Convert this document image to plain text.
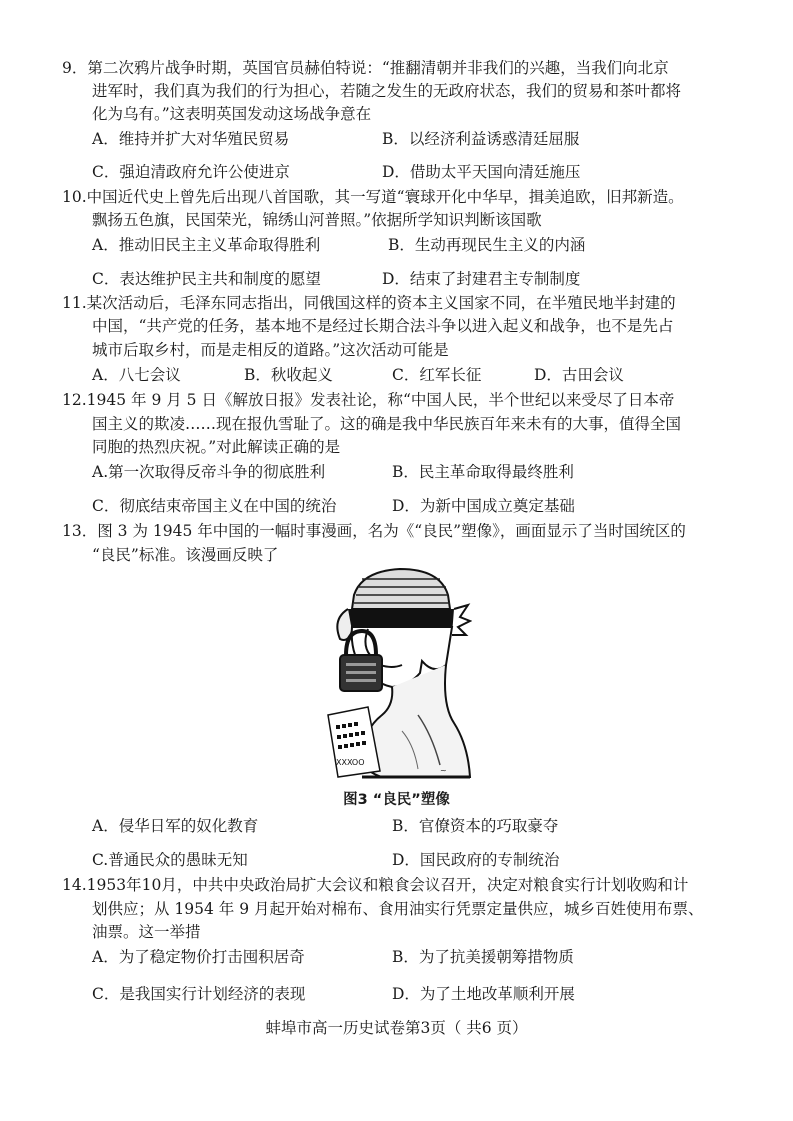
9．第二次鸦片战争时期，英国官员赫伯特说：“推翻清朝并非我们的兴趣，当我们向北京
进军时，我们真为我们的行为担心，若随之发生的无政府状态，我们的贸易和茶叶都将
化为乌有。”这表明英国发动这场战争意在
A．维持并扩大对华殖民贸易	B．以经济利益诱惑清廷屈服
C．强迫清政府允许公使进京	D．借助太平天国向清廷施压
10.中国近代史上曾先后出现八首国歌，其一写道“寰球开化中华早，揖美追欧，旧邦新造。
飘扬五色旗，民国荣光，锦绣山河普照。”依据所学知识判断该国歌
A．推动旧民主主义革命取得胜利	B．生动再现民生主义的内涵
C．表达维护民主共和制度的愿望	D．结束了封建君主专制制度
11.某次活动后，毛泽东同志指出，同俄国这样的资本主义国家不同，在半殖民地半封建的
中国，“共产党的任务，基本地不是经过长期合法斗争以进入起义和战争，也不是先占
城市后取乡村，而是走相反的道路。”这次活动可能是
A．八七会议	B．秋收起义	C．红军长征	D．古田会议
12.1945 年 9 月 5 日《解放日报》发表社论，称“中国人民，半个世纪以来受尽了日本帝
国主义的欺凌……现在报仇雪耻了。这的确是我中华民族百年来未有的大事，值得全国
同胞的热烈庆祝。”对此解读正确的是
A.第一次取得反帝斗争的彻底胜利	B．民主革命取得最终胜利
C．彻底结束帝国主义在中国的统治	D．为新中国成立奠定基础
13．图 3 为 1945 年中国的一幅时事漫画，名为《“良民”塑像》，画面显示了当时国统区的
“良民”标准。该漫画反映了
XXXOO
~
图3 “良民”塑像
A．侵华日军的奴化教育	B．官僚资本的巧取豪夺
C.普通民众的愚昧无知	D．国民政府的专制统治
14.1953年10月，中共中央政治局扩大会议和粮食会议召开，决定对粮食实行计划收购和计
划供应；从 1954 年 9 月起开始对棉布、食用油实行凭票定量供应，城乡百姓使用布票、
油票。这一举措
A．为了稳定物价打击囤积居奇	B．为了抗美援朝筹措物质
C．是我国实行计划经济的表现	D．为了土地改革顺利开展
蚌埠市高一历史试卷第3页（ 共6 页）
